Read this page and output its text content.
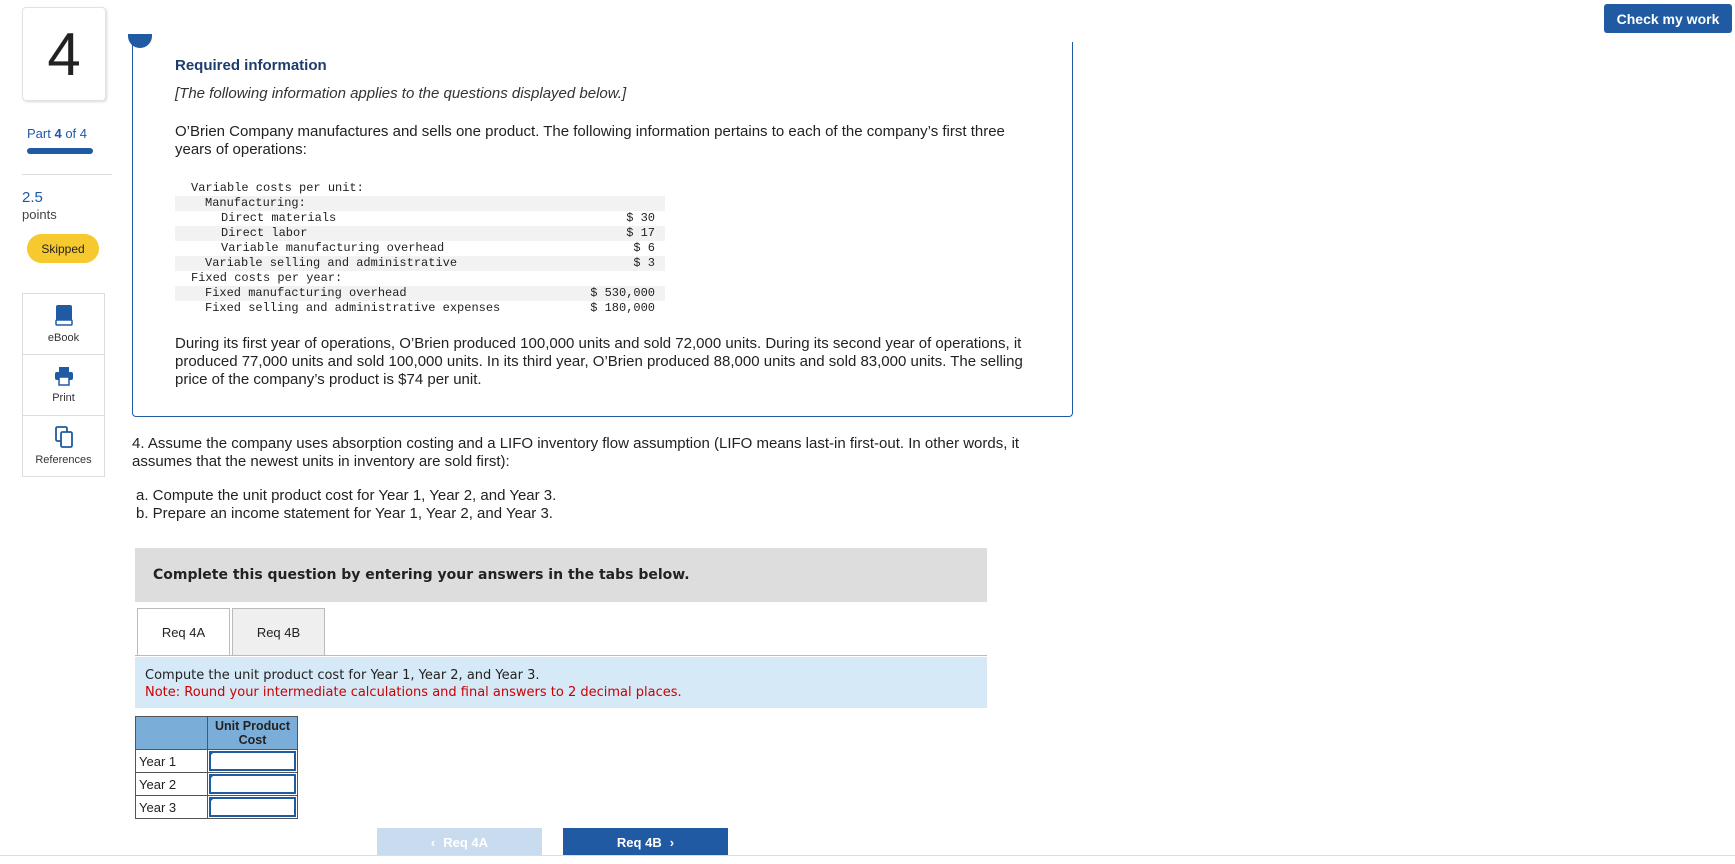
Check my work
4
Part 4 of 4
2.5
points
Skipped
eBook
Print
References
Required information
[The following information applies to the questions displayed below.]
O’Brien Company manufactures and sells one product. The following information pertains to each of the company’s first three years of operations:
Variable costs per unit:
Manufacturing:
Direct materials	$ 30
Direct labor	$ 17
Variable manufacturing overhead	$ 6
Variable selling and administrative	$ 3
Fixed costs per year:
Fixed manufacturing overhead	$ 530,000
Fixed selling and administrative expenses	$ 180,000
During its first year of operations, O’Brien produced 100,000 units and sold 72,000 units. During its second year of operations, it produced 77,000 units and sold 100,000 units. In its third year, O’Brien produced 88,000 units and sold 83,000 units. The selling price of the company’s product is $74 per unit.
4. Assume the company uses absorption costing and a LIFO inventory flow assumption (LIFO means last-in first-out. In other words, it assumes that the newest units in inventory are sold first):
a. Compute the unit product cost for Year 1, Year 2, and Year 3.
b. Prepare an income statement for Year 1, Year 2, and Year 3.
Complete this question by entering your answers in the tabs below.
Req 4A	Req 4B
Compute the unit product cost for Year 1, Year 2, and Year 3.
Note: Round your intermediate calculations and final answers to 2 decimal places.
	Unit Product Cost
Year 1	

Year 2	

Year 3	
‹ Req 4A	Req 4B ›
